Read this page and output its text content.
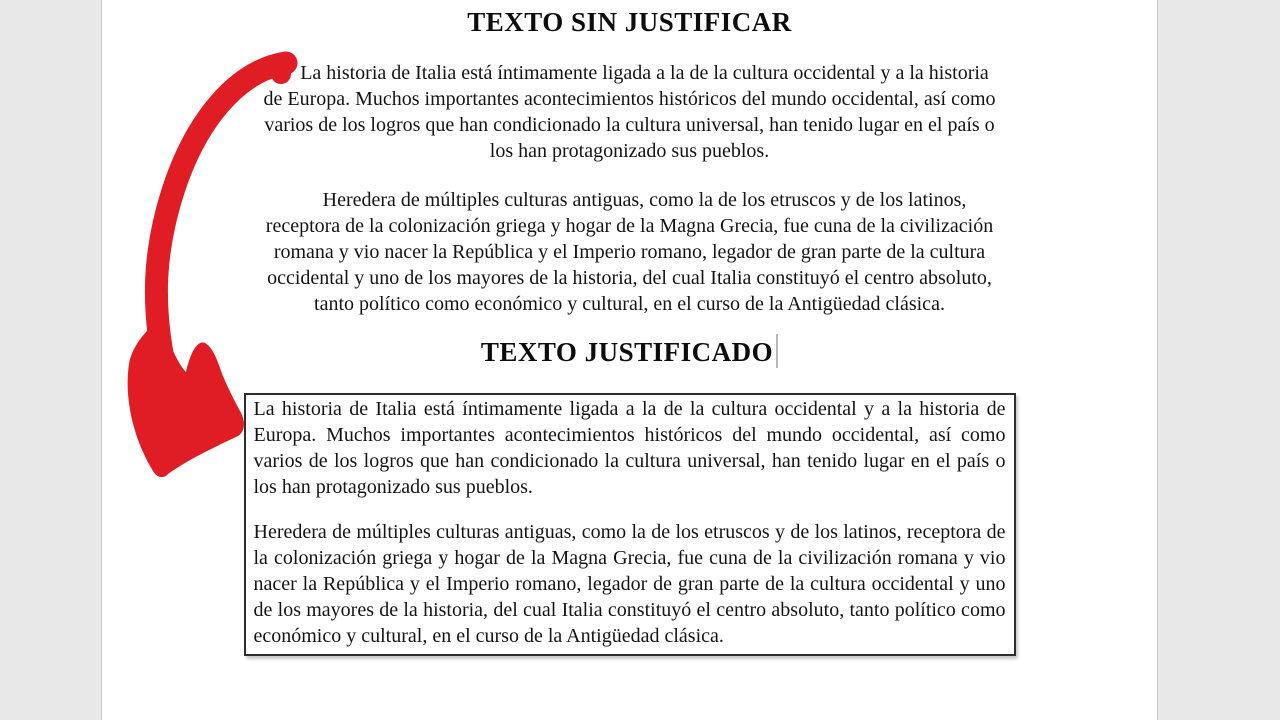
TEXTO SIN JUSTIFICAR

La historia de Italia está íntimamente ligada a la de la cultura occidental y a la historia de Europa. Muchos importantes acontecimientos históricos del mundo occidental, así como varios de los logros que han condicionado la cultura universal, han tenido lugar en el país o los han protagonizado sus pueblos.

Heredera de múltiples culturas antiguas, como la de los etruscos y de los latinos, receptora de la colonización griega y hogar de la Magna Grecia, fue cuna de la civilización romana y vio nacer la República y el Imperio romano, legador de gran parte de la cultura occidental y uno de los mayores de la historia, del cual Italia constituyó el centro absoluto, tanto político como económico y cultural, en el curso de la Antigüedad clásica.

TEXTO JUSTIFICADO

La historia de Italia está íntimamente ligada a la de la cultura occidental y a la historia de Europa. Muchos importantes acontecimientos históricos del mundo occidental, así como varios de los logros que han condicionado la cultura universal, han tenido lugar en el país o los han protagonizado sus pueblos.

Heredera de múltiples culturas antiguas, como la de los etruscos y de los latinos, receptora de la colonización griega y hogar de la Magna Grecia, fue cuna de la civilización romana y vio nacer la República y el Imperio romano, legador de gran parte de la cultura occidental y uno de los mayores de la historia, del cual Italia constituyó el centro absoluto, tanto político como económico y cultural, en el curso de la Antigüedad clásica.
